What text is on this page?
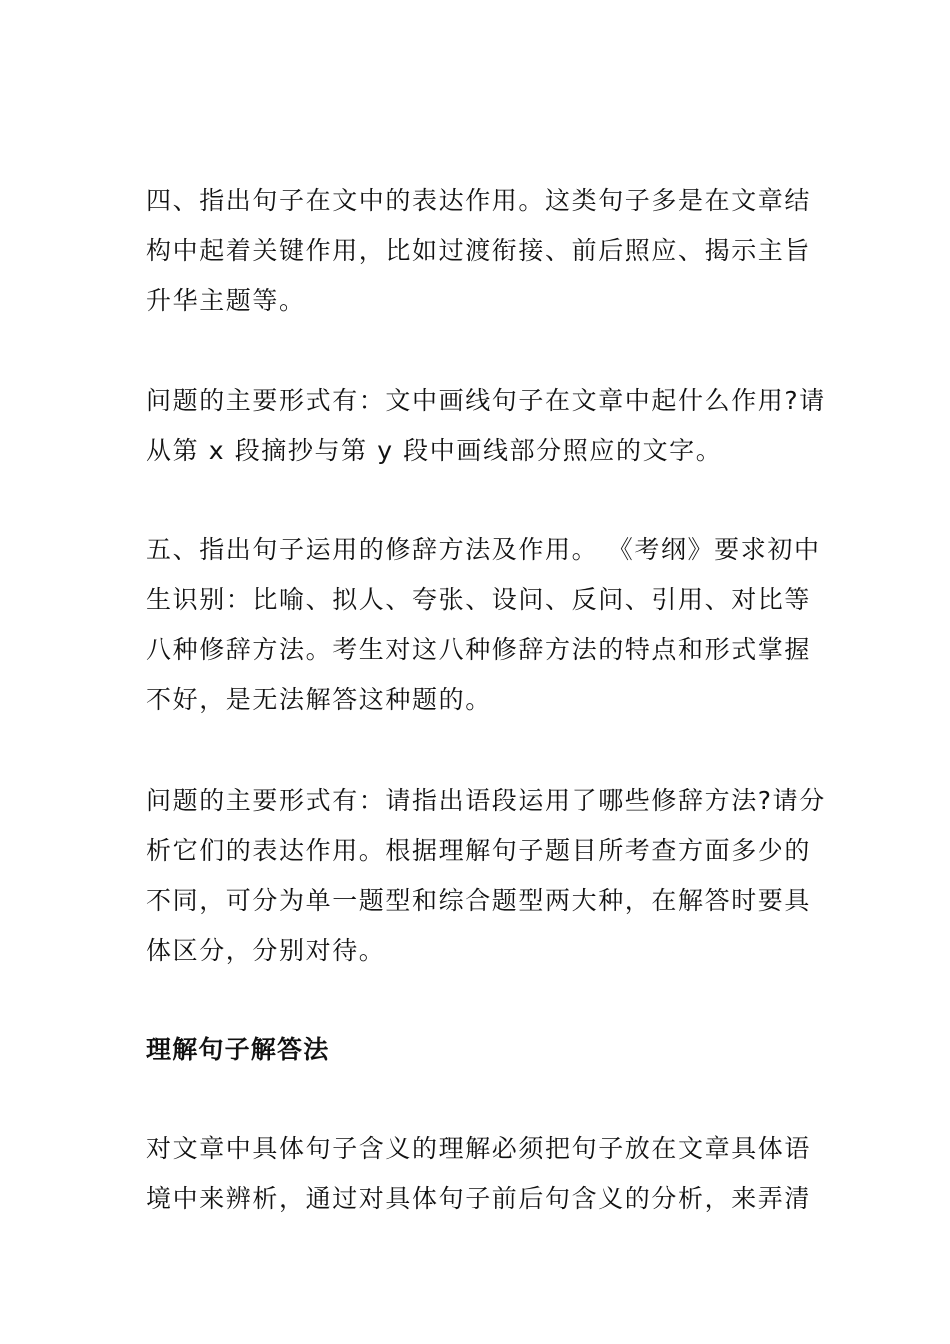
四、指出句子在文中的表达作用。这类句子多是在文章结
构中起着关键作用，比如过渡衔接、前后照应、揭示主旨
升华主题等。

问题的主要形式有：文中画线句子在文章中起什么作用?请
从第 x 段摘抄与第 y 段中画线部分照应的文字。

五、指出句子运用的修辞方法及作用。 《考纲》要求初中
生识别：比喻、拟人、夸张、设问、反问、引用、对比等
八种修辞方法。考生对这八种修辞方法的特点和形式掌握
不好，是无法解答这种题的。

问题的主要形式有：请指出语段运用了哪些修辞方法?请分
析它们的表达作用。根据理解句子题目所考查方面多少的
不同，可分为单一题型和综合题型两大种，在解答时要具
体区分，分别对待。

理解句子解答法

对文章中具体句子含义的理解必须把句子放在文章具体语
境中来辨析，通过对具体句子前后句含义的分析，来弄清
